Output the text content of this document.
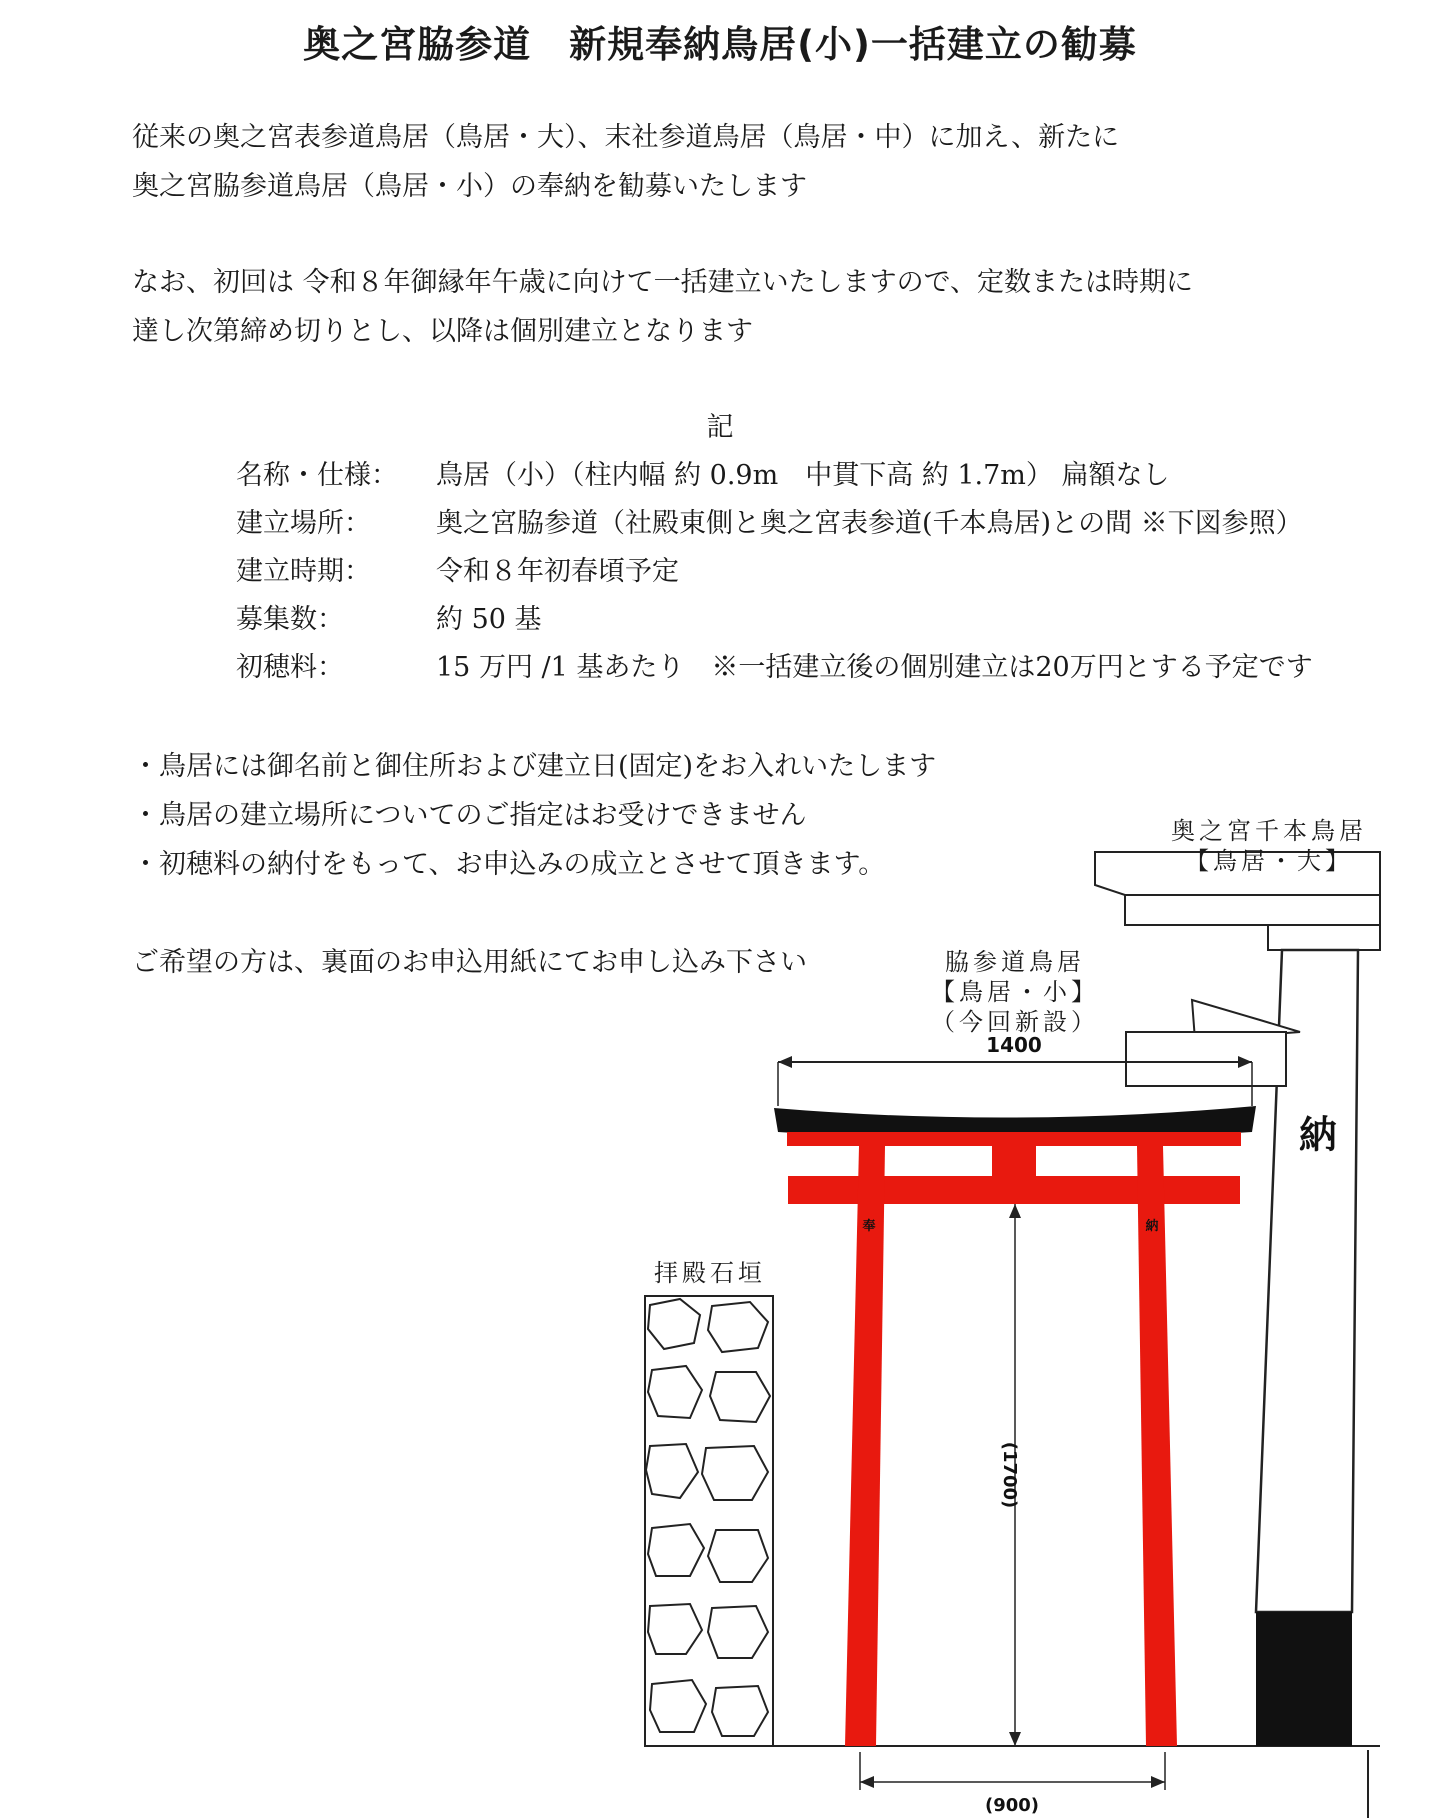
奥之宮脇参道　新規奉納鳥居(小)一括建立の勧募
従来の奥之宮表参道鳥居（鳥居・大）、末社参道鳥居（鳥居・中）に加え、新たに
奥之宮脇参道鳥居（鳥居・小）の奉納を勧募いたします
なお、初回は 令和８年御縁年午歳に向けて一括建立いたしますので、定数または時期に
達し次第締め切りとし、以降は個別建立となります
記
名称・仕様： 鳥居（小）（柱内幅 約 0.9m　中貫下高 約 1.7m） 扁額なし
建立場所： 奥之宮脇参道（社殿東側と奥之宮表参道(千本鳥居)との間 ※下図参照）
建立時期： 令和８年初春頃予定
募集数：	約 50 基
初穂料：	15 万円 /1 基あたり　※一括建立後の個別建立は20万円とする予定です
・鳥居には御名前と御住所および建立日(固定)をお入れいたします
・鳥居の建立場所についてのご指定はお受けできません
・初穂料の納付をもって、お申込みの成立とさせて頂きます。
ご希望の方は、裏面のお申込用紙にてお申し込み下さい
納
1400
奉	納
(1700)
(900)
奥之宮千本鳥居
【鳥居・大】
脇参道鳥居
【鳥居・小】
（今回新設）
拝殿石垣
